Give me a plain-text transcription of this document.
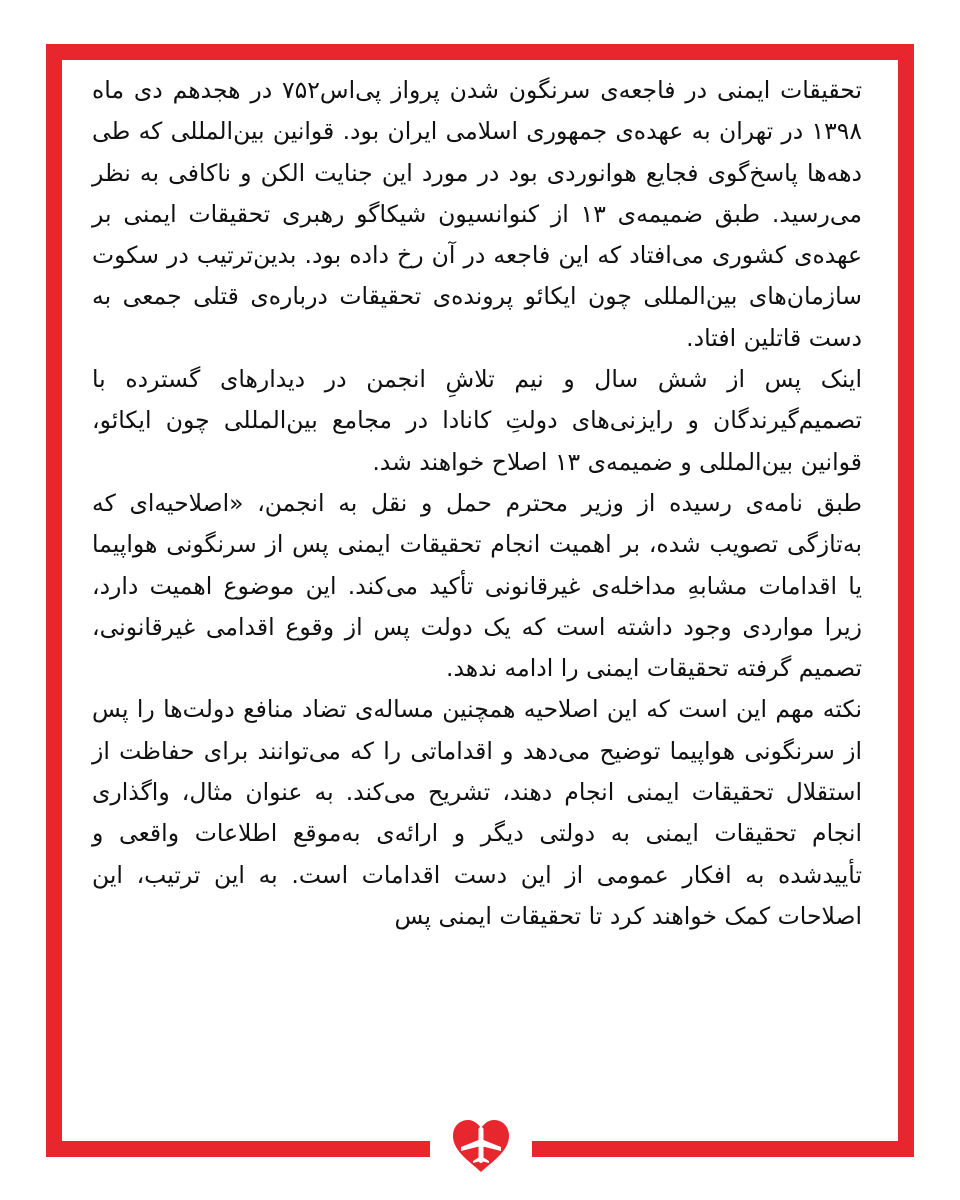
تحقیقات ایمنی در فاجعه‌ی سرنگون شدن پرواز پی‌اس۷۵۲ در هجدهم دی ماه ۱۳۹۸ در تهران به عهده‌ی جمهوری اسلامی ایران بود. قوانین بین‌المللی که طی دهه‌ها پاسخ‌گوی فجایع هوانوردی بود در مورد این جنایت الکن و ناکافی به نظر می‌رسید. طبق ضمیمه‌ی ۱۳ از کنوانسیون شیکاگو رهبری تحقیقات ایمنی بر عهده‌ی کشوری می‌افتاد که این فاجعه در آن رخ داده بود. بدین‌ترتیب در سکوت سازمان‌های بین‌المللی چون ایکائو پرونده‌ی تحقیقات درباره‌ی قتلی جمعی به دست قاتلین افتاد.

اینک پس از شش سال و نیم تلاشِ انجمن در دیدارهای گسترده با تصمیم‌گیرندگان و رایزنی‌های دولتِ کانادا در مجامع بین‌المللی چون ایکائو، قوانین بین‌المللی و ضمیمه‌ی ۱۳ اصلاح خواهند شد.

طبق نامه‌ی رسیده از وزیر محترم حمل و نقل به انجمن، «اصلاحیه‌ای که به‌تازگی تصویب شده، بر اهمیت انجام تحقیقات ایمنی پس از سرنگونی هواپیما یا اقدامات مشابهِ مداخله‌ی غیرقانونی تأکید می‌کند. این موضوع اهمیت دارد، زیرا مواردی وجود داشته است که یک دولت پس از وقوع اقدامی غیرقانونی، تصمیم گرفته تحقیقات ایمنی را ادامه ندهد.

نکته مهم این است که این اصلاحیه همچنین مساله‌ی تضاد منافع دولت‌ها را پس از سرنگونی هواپیما توضیح می‌دهد و اقداماتی را که می‌توانند برای حفاظت از استقلال تحقیقات ایمنی انجام دهند، تشریح می‌کند. به عنوان مثال، واگذاری انجام تحقیقات ایمنی به دولتی دیگر و ارائه‌ی به‌موقع اطلاعات واقعی و تأییدشده به افکار عمومی از این دست اقدامات است. به این ترتیب، این اصلاحات کمک خواهند کرد تا تحقیقات ایمنی پس
